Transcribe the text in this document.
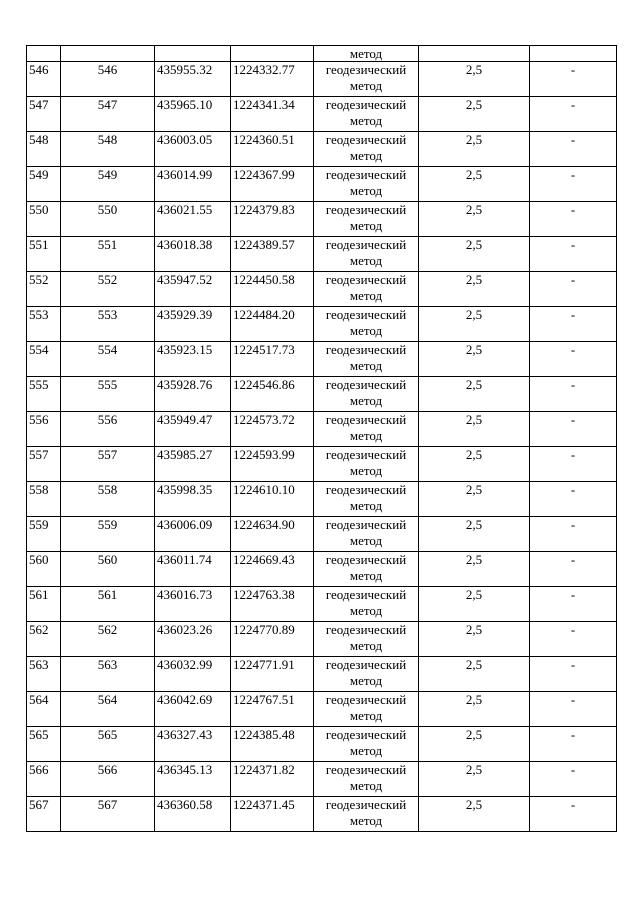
				метод		
546	546	435955.32	1224332.77	геодезический
метод	2,5	-
547	547	435965.10	1224341.34	геодезический
метод	2,5	-
548	548	436003.05	1224360.51	геодезический
метод	2,5	-
549	549	436014.99	1224367.99	геодезический
метод	2,5	-
550	550	436021.55	1224379.83	геодезический
метод	2,5	-
551	551	436018.38	1224389.57	геодезический
метод	2,5	-
552	552	435947.52	1224450.58	геодезический
метод	2,5	-
553	553	435929.39	1224484.20	геодезический
метод	2,5	-
554	554	435923.15	1224517.73	геодезический
метод	2,5	-
555	555	435928.76	1224546.86	геодезический
метод	2,5	-
556	556	435949.47	1224573.72	геодезический
метод	2,5	-
557	557	435985.27	1224593.99	геодезический
метод	2,5	-
558	558	435998.35	1224610.10	геодезический
метод	2,5	-
559	559	436006.09	1224634.90	геодезический
метод	2,5	-
560	560	436011.74	1224669.43	геодезический
метод	2,5	-
561	561	436016.73	1224763.38	геодезический
метод	2,5	-
562	562	436023.26	1224770.89	геодезический
метод	2,5	-
563	563	436032.99	1224771.91	геодезический
метод	2,5	-
564	564	436042.69	1224767.51	геодезический
метод	2,5	-
565	565	436327.43	1224385.48	геодезический
метод	2,5	-
566	566	436345.13	1224371.82	геодезический
метод	2,5	-
567	567	436360.58	1224371.45	геодезический
метод	2,5	-
